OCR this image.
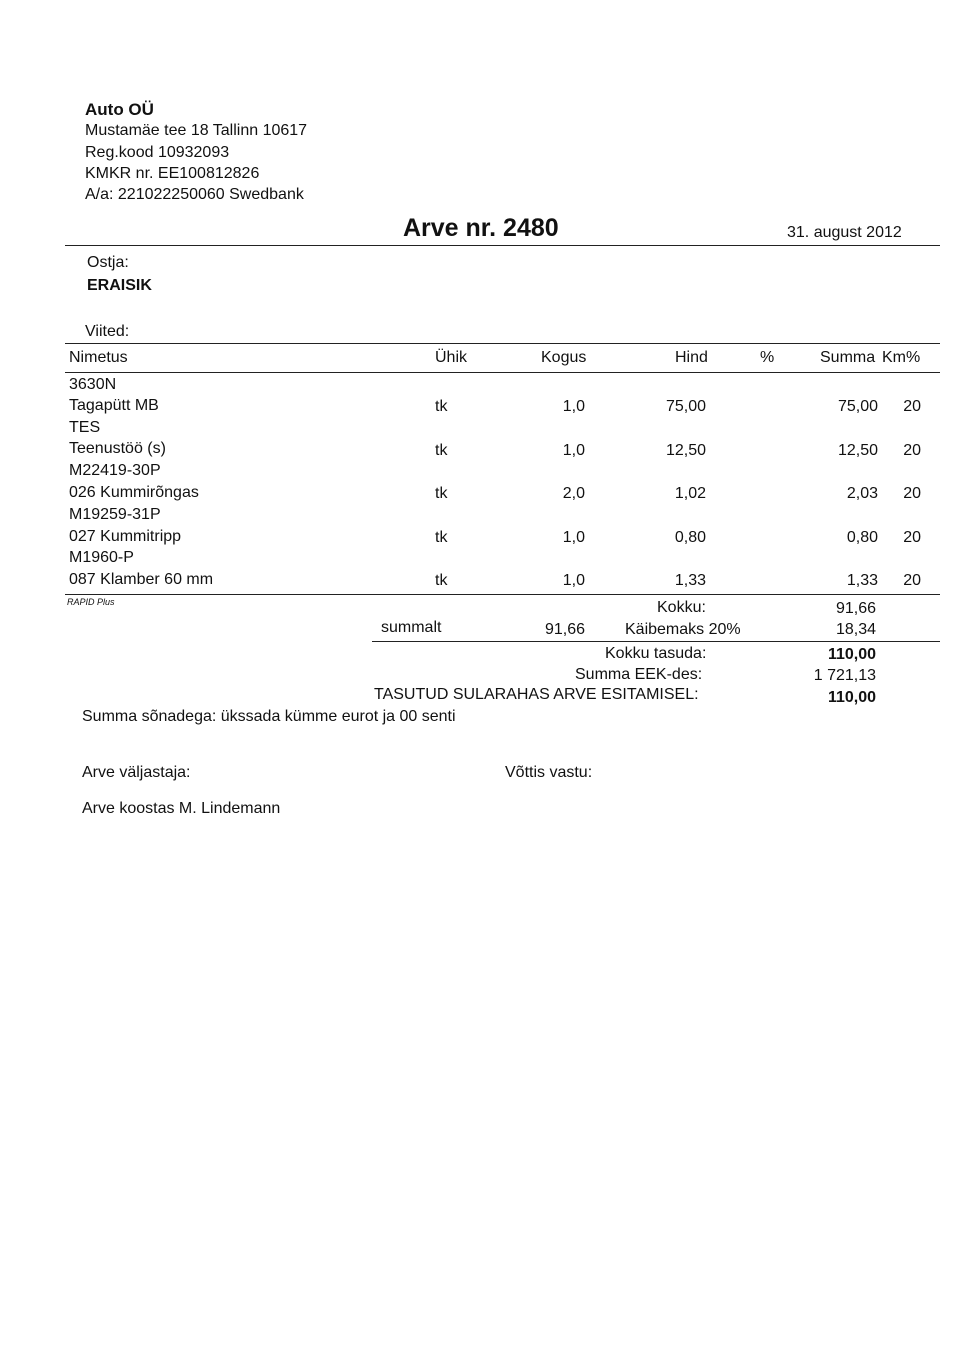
Auto OÜ
Mustamäe tee 18 Tallinn 10617
Reg.kood 10932093
KMKR nr. EE100812826
A/a: 221022250060 Swedbank
Arve nr. 2480	31. august 2012
Ostja:
ERAISIK
Viited:
Nimetus	Ühik	Kogus	Hind	%	Summa Km%
3630N
Tagapütt MB	tk	1,0	75,00	75,00	20
TES
Teenustöö (s)	tk	1,0	12,50	12,50	20
M22419-30P
026 Kummirõngas	tk	2,0	1,02	2,03	20
M19259-31P
027 Kummitripp	tk	1,0	0,80	0,80	20
M1960-P
087 Klamber 60 mm	tk	1,0	1,33	1,33	20
RAPID Plus	Kokku:	91,66
summalt	91,66	Käibemaks 20%	18,34
Kokku tasuda:	110,00
Summa EEK-des:	1 721,13
TASUTUD SULARAHAS ARVE ESITAMISEL:	110,00
Summa sõnadega: ükssada kümme eurot ja 00 senti
Arve väljastaja:	Võttis vastu:
Arve koostas M. Lindemann
